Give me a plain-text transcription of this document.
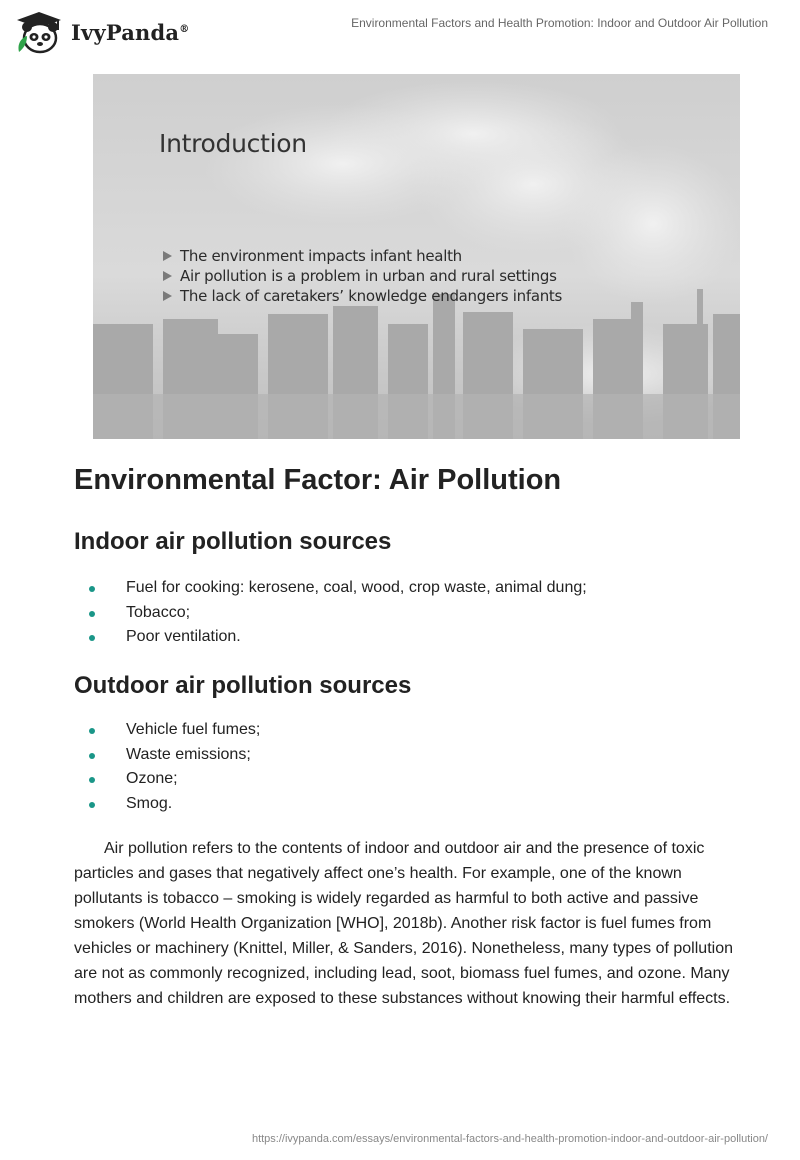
IvyPanda®	Environmental Factors and Health Promotion: Indoor and Outdoor Air Pollution
Introduction
The environment impacts infant health
Air pollution is a problem in urban and rural settings
The lack of caretakers’ knowledge endangers infants
Environmental Factor: Air Pollution
Indoor air pollution sources
Fuel for cooking: kerosene, coal, wood, crop waste, animal dung;
Tobacco;
Poor ventilation.
Outdoor air pollution sources
Vehicle fuel fumes;
Waste emissions;
Ozone;
Smog.

Air pollution refers to the contents of indoor and outdoor air and the presence of toxic particles and gases that negatively affect one’s health. For example, one of the known pollutants is tobacco – smoking is widely regarded as harmful to both active and passive smokers (World Health Organization [WHO], 2018b). Another risk factor is fuel fumes from vehicles or machinery (Knittel, Miller, & Sanders, 2016). Nonetheless, many types of pollution are not as commonly recognized, including lead, soot, biomass fuel fumes, and ozone. Many mothers and children are exposed to these substances without knowing their harmful effects.

https://ivypanda.com/essays/environmental-factors-and-health-promotion-indoor-and-outdoor-air-pollution/
